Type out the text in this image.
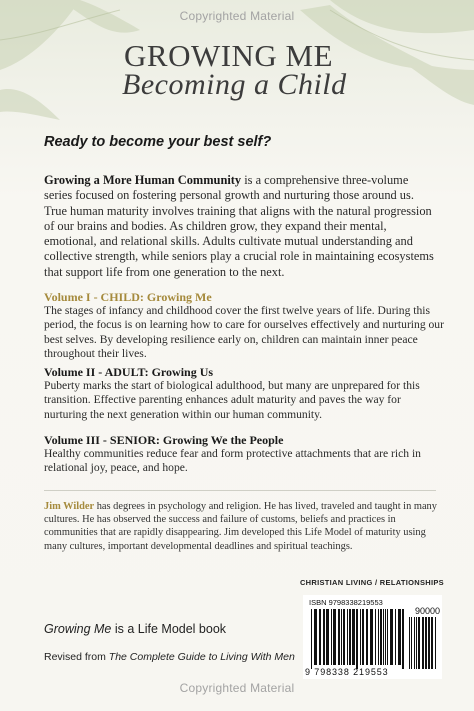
Copyrighted Material
GROWING ME
Becoming a Child
Ready to become your best self?
Growing a More Human Community is a comprehensive three-volume series focused on fostering personal growth and nurturing those around us. True human maturity involves training that aligns with the natural progression of our brains and bodies. As children grow, they expand their mental, emotional, and relational skills. Adults cultivate mutual understanding and collective strength, while seniors play a crucial role in maintaining ecosystems that support life from one generation to the next.
Volume I - CHILD: Growing Me
The stages of infancy and childhood cover the first twelve years of life. During this period, the focus is on learning how to care for ourselves effectively and nurturing our best selves. By developing resilience early on, children can maintain inner peace throughout their lives.
Volume II - ADULT: Growing Us
Puberty marks the start of biological adulthood, but many are unprepared for this transition. Effective parenting enhances adult maturity and paves the way for nurturing the next generation within our human community.
Volume III - SENIOR: Growing We the People
Healthy communities reduce fear and form protective attachments that are rich in relational joy, peace, and hope.
Jim Wilder has degrees in psychology and religion. He has lived, traveled and taught in many cultures. He has observed the success and failure of customs, beliefs and practices in communities that are rapidly disappearing. Jim developed this Life Model of maturity using many cultures, important developmental deadlines and spiritual teachings.
CHRISTIAN LIVING / RELATIONSHIPS
Growing Me is a Life Model book
Revised from The Complete Guide to Living With Men
ISBN 9798338219553
90000
9 798338 219553
Copyrighted Material
